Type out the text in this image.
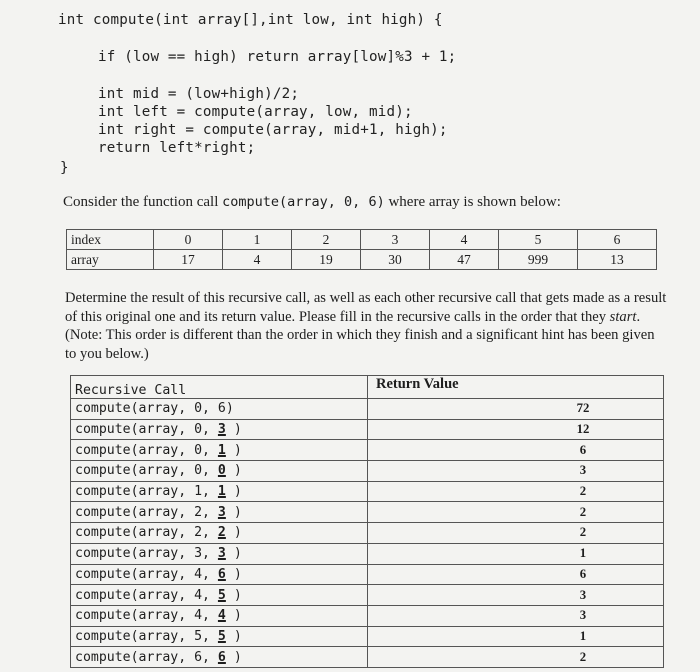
int compute(int array[],int low, int high) {
if (low == high) return array[low]%3 + 1;
int mid = (low+high)/2;
int left = compute(array, low, mid);
int right = compute(array, mid+1, high);
return left*right;
}
Consider the function call compute(array, 0, 6) where array is shown below:
index	0	1	2	3	4	5	6
array	17	4	19	30	47	999	13
Determine the result of this recursive call, as well as each other recursive call that gets made as a result of this original one and its return value. Please fill in the recursive calls in the order that they start. (Note: This order is different than the order in which they finish and a significant hint has been given to you below.)
Recursive Call	Return Value
compute(array, 0, 6)	72
compute(array, 0, 3 )	12
compute(array, 0, 1 )	6
compute(array, 0, 0 )	3
compute(array, 1, 1 )	2
compute(array, 2, 3 )	2
compute(array, 2, 2 )	2
compute(array, 3, 3 )	1
compute(array, 4, 6 )	6
compute(array, 4, 5 )	3
compute(array, 4, 4 )	3
compute(array, 5, 5 )	1
compute(array, 6, 6 )	2
